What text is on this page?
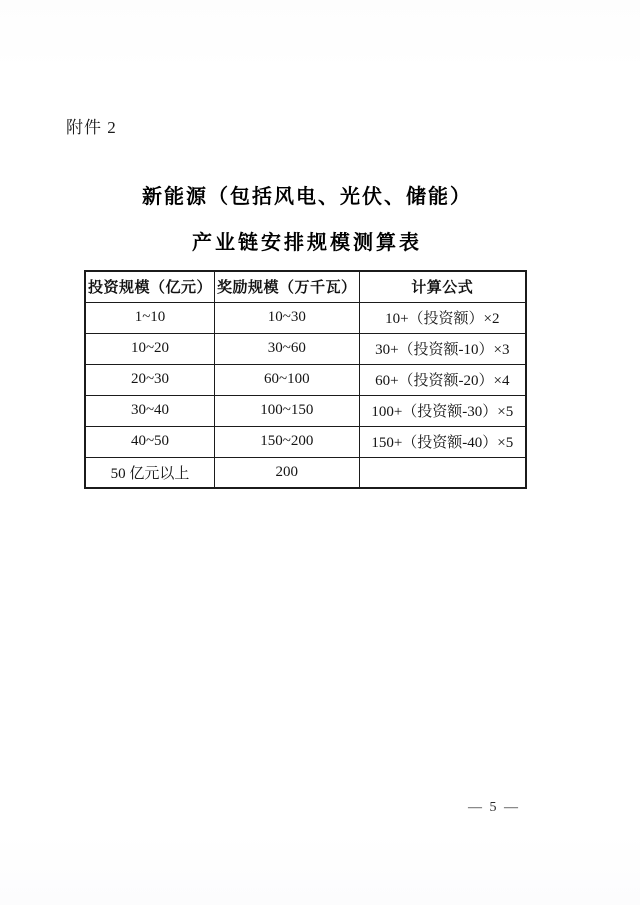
附件 2
新能源（包括风电、光伏、储能）
产业链安排规模测算表
投资规模（亿元）	奖励规模（万千瓦）	计算公式
1~10	10~30	10+（投资额）×2
10~20	30~60	30+（投资额-10）×3
20~30	60~100	60+（投资额-20）×4
30~40	100~150	100+（投资额-30）×5
40~50	150~200	150+（投资额-40）×5
50 亿元以上	200	
— 5 —
